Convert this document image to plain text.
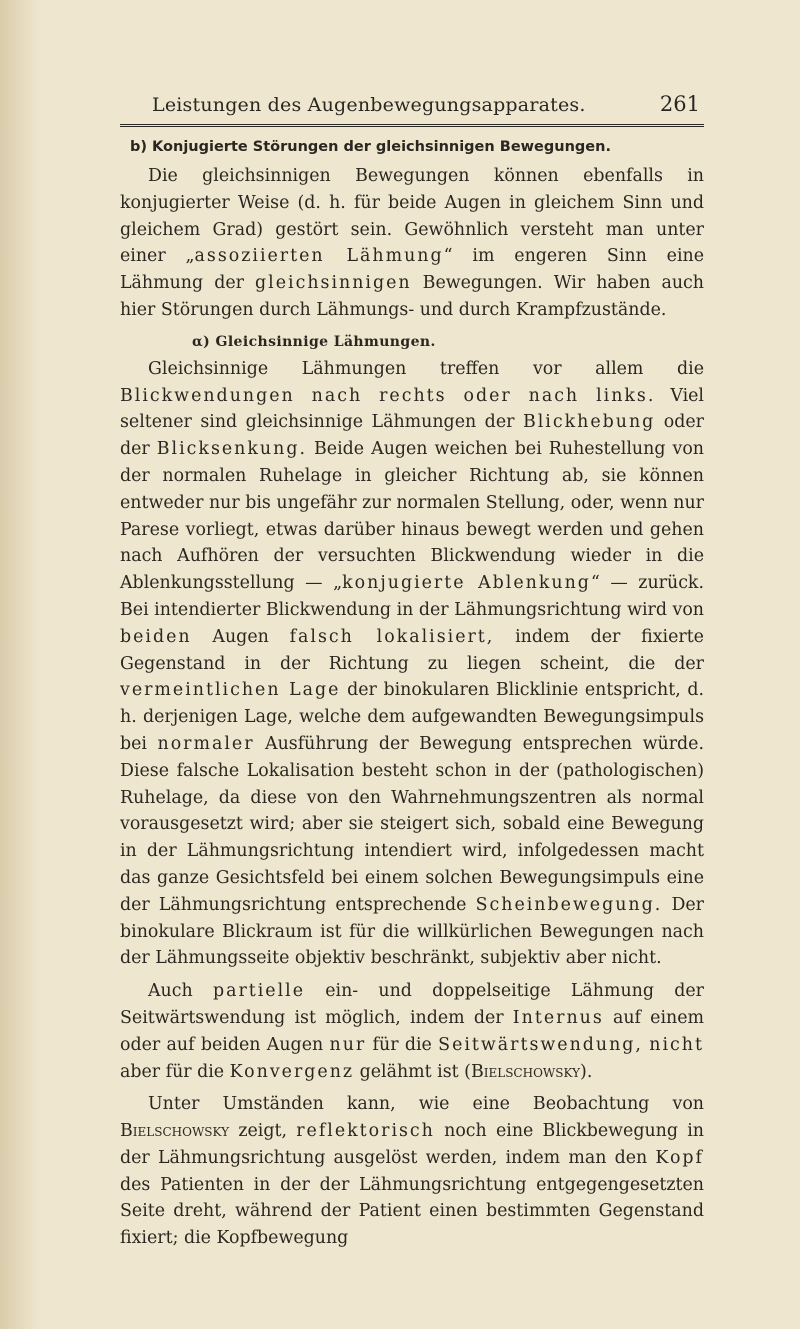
Leistungen des Augenbewegungsapparates.	261
b) Konjugierte Störungen der gleichsinnigen Bewegungen.

Die gleichsinnigen Bewegungen können ebenfalls in konjugierter Weise (d. h. für beide Augen in gleichem Sinn und gleichem Grad) gestört sein. Gewöhnlich versteht man unter einer „assoziierten Lähmung“ im engeren Sinn eine Lähmung der gleichsinnigen Bewegungen. Wir haben auch hier Störungen durch Lähmungs- und durch Krampfzustände.

α) Gleichsinnige Lähmungen.

Gleichsinnige Lähmungen treffen vor allem die Blickwendungen nach rechts oder nach links. Viel seltener sind gleichsinnige Lähmungen der Blickhebung oder der Blicksenkung. Beide Augen weichen bei Ruhestellung von der normalen Ruhelage in gleicher Richtung ab, sie können entweder nur bis ungefähr zur normalen Stellung, oder, wenn nur Parese vorliegt, etwas darüber hinaus bewegt werden und gehen nach Aufhören der versuchten Blickwendung wieder in die Ablenkungsstellung — „konjugierte Ablenkung“ — zurück. Bei intendierter Blickwendung in der Lähmungsrichtung wird von beiden Augen falsch lokalisiert, indem der fixierte Gegenstand in der Richtung zu liegen scheint, die der vermeintlichen Lage der binokularen Blicklinie entspricht, d. h. derjenigen Lage, welche dem aufgewandten Bewegungsimpuls bei normaler Ausführung der Bewegung entsprechen würde. Diese falsche Lokalisation besteht schon in der (pathologischen) Ruhelage, da diese von den Wahrnehmungszentren als normal vorausgesetzt wird; aber sie steigert sich, sobald eine Bewegung in der Lähmungsrichtung intendiert wird, infolgedessen macht das ganze Gesichtsfeld bei einem solchen Bewegungsimpuls eine der Lähmungsrichtung entsprechende Scheinbewegung. Der binokulare Blickraum ist für die willkürlichen Bewegungen nach der Lähmungsseite objektiv beschränkt, subjektiv aber nicht.

Auch partielle ein- und doppelseitige Lähmung der Seitwärtswendung ist möglich, indem der Internus auf einem oder auf beiden Augen nur für die Seitwärtswendung, nicht aber für die Konvergenz gelähmt ist (Bielschowsky).

Unter Umständen kann, wie eine Beobachtung von Bielschowsky zeigt, reflektorisch noch eine Blickbewegung in der Lähmungsrichtung ausgelöst werden, indem man den Kopf des Patienten in der der Lähmungsrichtung entgegengesetzten Seite dreht, während der Patient einen bestimmten Gegenstand fixiert; die Kopfbewegung
